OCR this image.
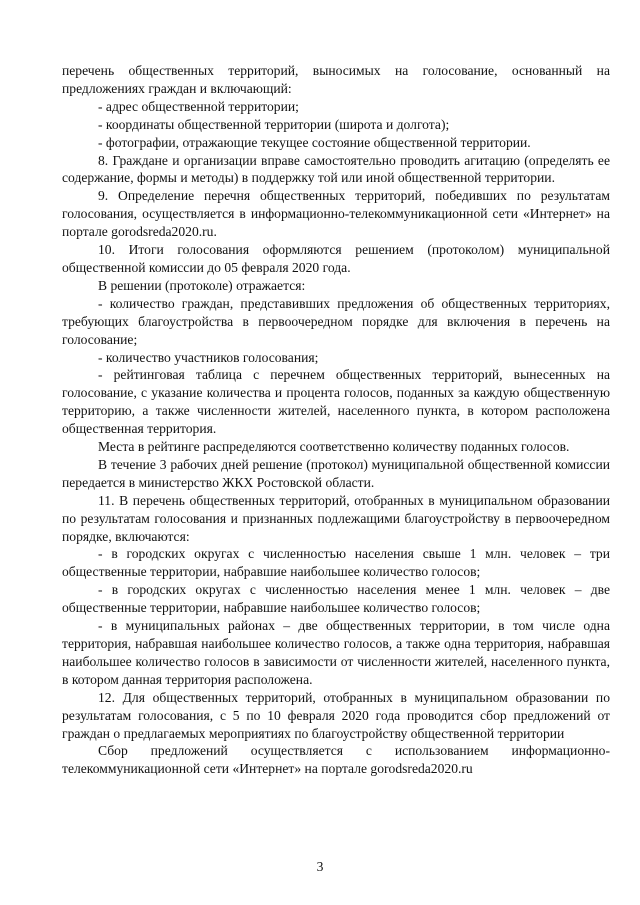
перечень общественных территорий, выносимых на голосование, основанный на предложениях граждан и включающий:

- адрес общественной территории;

- координаты общественной территории (широта и долгота);

- фотографии, отражающие текущее состояние общественной территории.

8. Граждане и организации вправе самостоятельно проводить агитацию (определять ее содержание, формы и методы) в поддержку той или иной общественной территории.

9. Определение перечня общественных территорий, победивших по результатам голосования, осуществляется в информационно-телекоммуникационной сети «Интернет» на портале gorodsreda2020.ru.

10. Итоги голосования оформляются решением (протоколом) муниципальной общественной комиссии до 05 февраля 2020 года.

В решении (протоколе) отражается:

- количество граждан, представивших предложения об общественных территориях, требующих благоустройства в первоочередном порядке для включения в перечень на голосование;

- количество участников голосования;

- рейтинговая таблица с перечнем общественных территорий, вынесенных на голосование, с указание количества и процента голосов, поданных за каждую общественную территорию, а также численности жителей, населенного пункта, в котором расположена общественная территория.

Места в рейтинге распределяются соответственно количеству поданных голосов.

В течение 3 рабочих дней решение (протокол) муниципальной общественной комиссии передается в министерство ЖКХ Ростовской области.

11. В перечень общественных территорий, отобранных в муниципальном образовании по результатам голосования и признанных подлежащими благоустройству в первоочередном порядке, включаются:

- в городских округах с численностью населения свыше 1 млн. человек – три общественные территории, набравшие наибольшее количество голосов;

- в городских округах с численностью населения менее 1 млн. человек – две общественные территории, набравшие наибольшее количество голосов;

- в муниципальных районах – две общественных территории, в том числе одна территория, набравшая наибольшее количество голосов, а также одна территория, набравшая наибольшее количество голосов в зависимости от численности жителей, населенного пункта, в котором данная территория расположена.

12. Для общественных территорий, отобранных в муниципальном образовании по результатам голосования, с 5 по 10 февраля 2020 года проводится сбор предложений от граждан о предлагаемых мероприятиях по благоустройству общественной территории

Сбор предложений осуществляется с использованием информационно-телекоммуникационной сети «Интернет» на портале gorodsreda2020.ru

3
